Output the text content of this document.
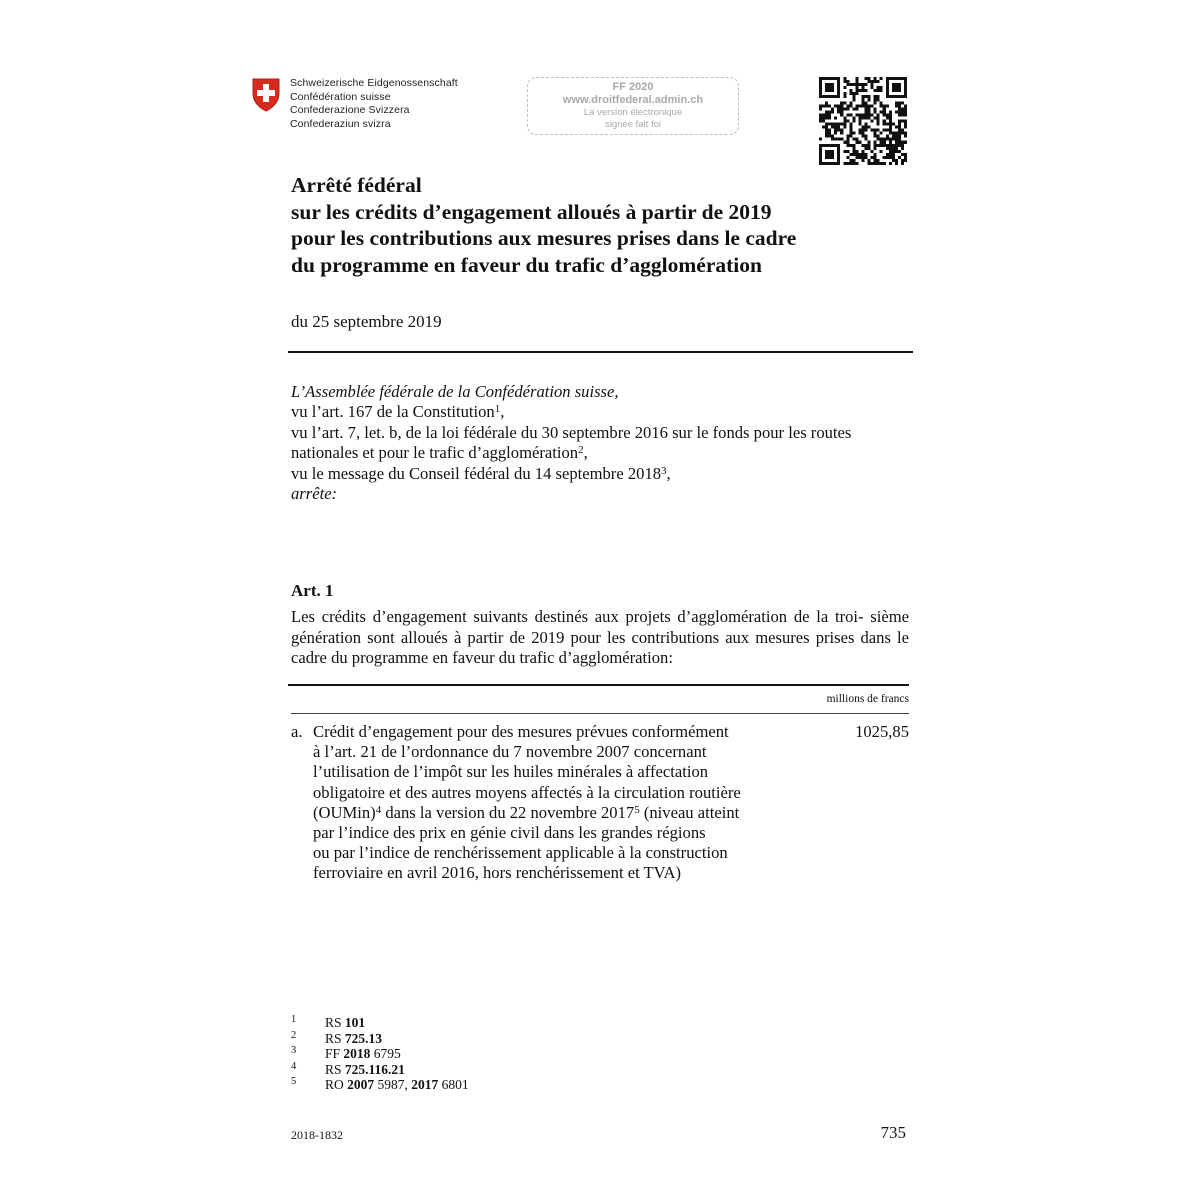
Schweizerische Eidgenossenschaft
Confédération suisse
Confederazione Svizzera
Confederaziun svizra
FF 2020
www.droitfederal.admin.ch
La version électronique
signée fait foi
Arrêté fédéral
sur les crédits d’engagement alloués à partir de 2019
pour les contributions aux mesures prises dans le cadre
du programme en faveur du trafic d’agglomération
du 25 septembre 2019
L’Assemblée fédérale de la Confédération suisse,
vu l’art. 167 de la Constitution$^1$,
vu l’art. 7, let. b, de la loi fédérale du 30 septembre 2016 sur le fonds pour les routes
nationales et pour le trafic d’agglomération$^2$,
vu le message du Conseil fédéral du 14 septembre 2018$^3$,
arrête:
Art. 1
Les crédits d’engagement suivants destinés aux projets d’agglomération de la troi- sième génération sont alloués à partir de 2019 pour les contributions aux mesures prises dans le cadre du programme en faveur du trafic d’agglomération:
millions de francs
a. Crédit d’engagement pour des mesures prévues conformément
à l’art. 21 de l’ordonnance du 7 novembre 2007 concernant
l’utilisation de l’impôt sur les huiles minérales à affectation
obligatoire et des autres moyens affectés à la circulation routière
(OUMin)$^4$ dans la version du 22 novembre 2017$^5$ (niveau atteint
par l’indice des prix en génie civil dans les grandes régions
ou par l’indice de renchérissement applicable à la construction
ferroviaire en avril 2016, hors renchérissement et TVA)
1025,85
1 RS 101
2 RS 725.13
3 FF 2018 6795
4 RS 725.116.21
5 RO 2007 5987, 2017 6801
2018-1832	735
